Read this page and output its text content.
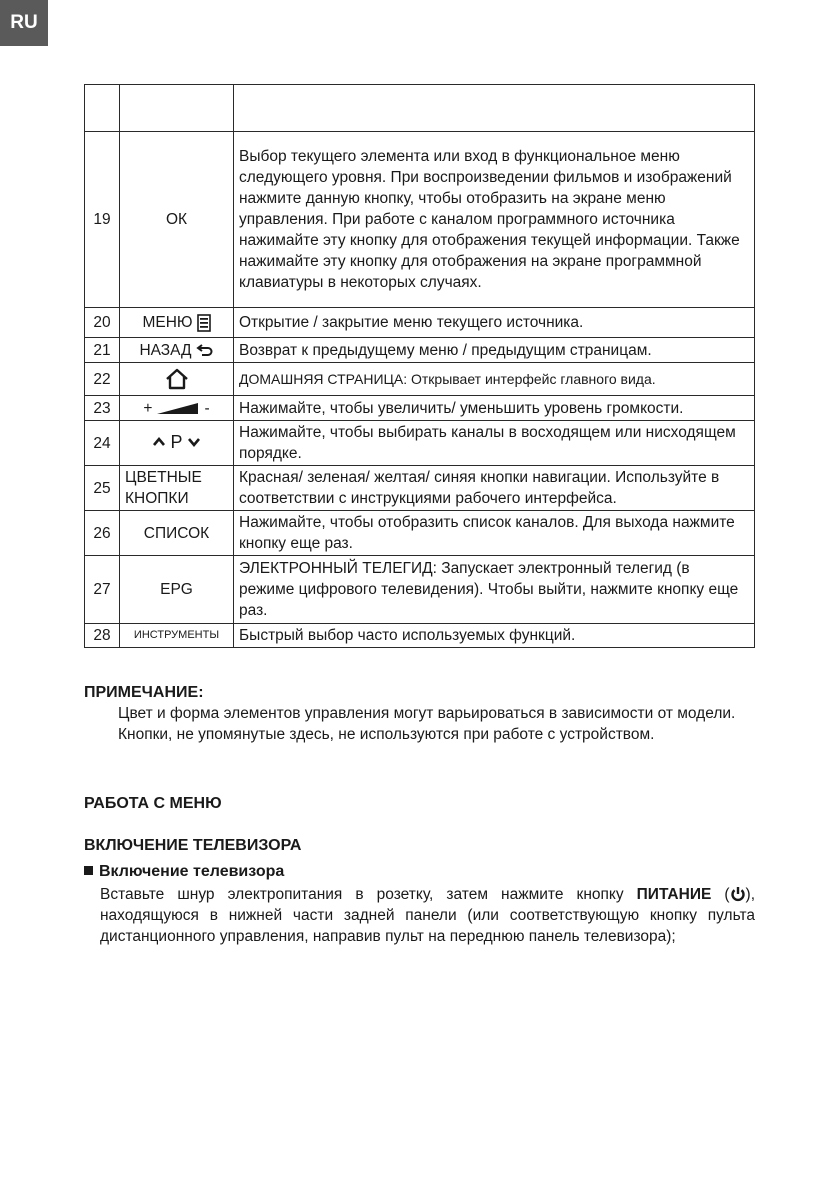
RU

19	ОК	Выбор текущего элемента или вход в функциональное меню следующего уровня. При воспроизведении фильмов и изображений нажмите данную кнопку, чтобы отобразить на экране меню управления. При работе с каналом программного источника нажимайте эту кнопку для отображения текущей информации. Также нажимайте эту кнопку для отображения на экране программной клавиатуры в некоторых случаях.
20	МЕНЮ	Открытие / закрытие меню текущего источника.
21	НАЗАД	Возврат к предыдущему меню / предыдущим страницам.
22		ДОМАШНЯЯ СТРАНИЦА: Открывает интерфейс главного вида.
23	+ -	Нажимайте, чтобы увеличить/ уменьшить уровень громкости.
24	P	Нажимайте, чтобы выбирать каналы в восходящем или нисходящем порядке.
25	ЦВЕТНЫЕ КНОПКИ	Красная/ зеленая/ желтая/ синяя кнопки навигации. Используйте в соответствии с инструкциями рабочего интерфейса.
26	СПИСОК	Нажимайте, чтобы отобразить список каналов. Для выхода нажмите кнопку еще раз.
27	EPG	ЭЛЕКТРОННЫЙ ТЕЛЕГИД: Запускает электронный телегид (в режиме цифрового телевидения). Чтобы выйти, нажмите кнопку еще раз.
28	ИНСТРУМЕНТЫ	Быстрый выбор часто используемых функций.
ПРИМЕЧАНИЕ:
Цвет и форма элементов управления могут варьироваться в зависимости от модели.
Кнопки, не упомянутые здесь, не используются при работе с устройством.
РАБОТА С МЕНЮ
ВКЛЮЧЕНИЕ ТЕЛЕВИЗОРА
Включение телевизора
Вставьте шнур электропитания в розетку, затем нажмите кнопку ПИТАНИЕ ( ), находящуюся в нижней части задней панели (или соответствующую кнопку пульта дистанционного управления, направив пульт на переднюю панель телевизора);
